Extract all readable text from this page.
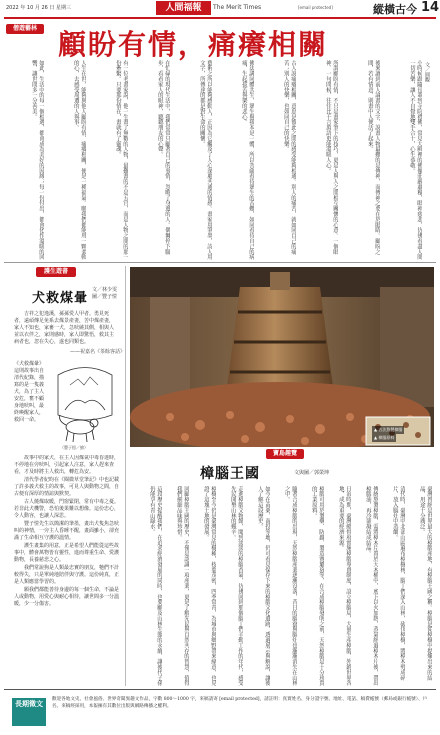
2022 年 10 月 26 日 星期三	人間福報	The Merit Times	[email protected]	縱橫古今 14
僧遊藝林 顧盼有情，痛癢相關
文／圓觀
小時候跟隨長輩到寺院禮佛，常見大殿裡的佛像莊嚴肅穆，眼神慈悲，彷彿看盡人間一切苦樂，讓人不自覺地雙手合十，心生恭敬。
後來讀到前人論畫的文字，說畫人物最難的是傳神，而傳神之要在於眼睛。顧盼之間，若有情意，則畫中人便活了起來。
所謂顧盼有情，不只是畫家筆下的技巧，更是人與人之間相互關懷的心意。一個眼神、一句問候，往往比千言萬語更能溫暖人心。
古人說痛癢相關，意思是彼此之間的感受能夠相通。別人的痛苦，就如同自己的痛苦；別人的快樂，也如同自己的快樂。
佛法講同體共生，眾生與我本是一體，所以菩薩看待眾生的苦難，如同看待自己的病痛，生起拔苦與樂的悲心。
藝術之所以能夠感動人，正因為它觸及了人心深處共通的情感。畫家用筆墨，詩人用文字，所傳達的都是對生命的關懷。
在忙碌的現代生活中，我們常常只顧著自己的事情，忽略了身邊的人。偶爾停下腳步，看看家人的眼神，聽聽朋友的心聲。
有一位老畫家說，他一生畫了無數的人物，最難畫的不是五官，而是人物之間的那一份牽繫。只要那份情在，畫就有了靈魂。
人生在世，能夠與他人顧盼有情、痛癢相關，便是一種福氣。願我們都能用一顆柔軟的心，去感受周遭的人與事。
如此，生活中的每一個相遇，都會成為美好的因緣；每一份付出，都會化作溫暖的回響，讓世間多一分善美。
護生遊書
犬救煤暈
文／林少雯
圖／豐子愷
吉祥之犯逸溪，孫孫愛人甲者。勇見死者，遠頑傳足免系去煤景產妻，苦中煤產妻，家人不知也，家畜一犬，急吠繞其側，相與人並以衣伴之，家則感時，家人即驚悟，救其主病者也，忽在失心，遂也同類也。
——祝嘉名《茶餘客話》
《犬救煤暈》這則故事出自清代紀錄，描寫的是一隻義犬，為了主人安危，奮不顧身地吠叫，最終喚醒家人，救回一命。
（豐子愷／繪）

故事中的家犬，在主人因煤氣中毒昏迷時，不停地在旁吠叫，引起家人注意，家人趕來查看，才及時將主人救出，轉危為安。

清代學者紀昀在《閱微草堂筆記》中也記載了許多義犬救主的故事，可見人與動物之間，自古便有深厚的情誼與默契。

古人燒煤取暖，門窗緊閉，常有中毒之憂。若非此犬機警，恐怕後果難以想像。這份忠心，令人動容，也讓人深思。

豐子愷先生以簡潔的筆墨，畫出犬隻焦急吠叫的神情，一旁主人昏睡不醒，畫面雖小，卻充滿了生命相互守護的溫情。

護生畫集的用意，正是希望人們能從這些故事中，體會萬物皆有靈性，進而尊重生命、愛護動物，長養慈悲之心。

我們常說狗是人類最忠實的朋友，牠們不計較得失，只是單純地陪伴與守護。這份純真，正是人類應當學習的。

願我們都能善待身邊的每一個生命，不論是人或動物，用愛心與耐心相待，讓世間多一分溫暖，少一分傷害。

▲ 古法熬製樟腦
▲ 樟腦原料
寶島趣覽
樟腦王國	文與圖／郭榮坤
臺灣曾經是世界最大的樟腦產地，有樟腦王國之稱。樟腦是從樟樹中提煉出來的結晶，用途十分廣泛。
清代時，臺灣中北部山區遍布樟樹林，腦丁們深入山林，砍伐樟樹，將樟木劈成碎片，放入腦灶中蒸餾。
傳統熬製樟腦，需將樟木片置於大木桶中，底下以火加熱，蒸氣經過樟木片後，帶出樟腦油，再冷卻凝結成結晶。
日治時期，臺灣總督府實施樟腦專賣制度，設立樟腦局，大量生產樟腦，外銷世界各地，成為重要的經濟來源。
樟腦可用於製藥、防蟲、製造賽璐珞等，在合成樟腦發明之前，天然樟腦是十分珍貴的工業原料。
隨著合成樟腦的出現，天然樟腦產業逐漸沒落，昔日的腦寮與腦灶也漸漸消失在山林之中。
如今在苗栗、南投等地，仍可看見保存下來的樟腦文化遺跡，透過展示與解說，讓後人了解這段歷史。
走進樟腦文物館，聞到淡淡的樟腦香氣，彷彿回到那個腦丁們辛勤工作的年代，感受先民開墾山林的艱辛。
樟樹至今仍是臺灣常見的樹種，枝葉茂密，四季常青，為城市與鄉野帶來綠意，也見證了這塊土地的發展。
回顧樟腦王國的歷史，不僅是認識一項產業，更是了解先民與自然共存的智慧，值得我們細細品味與珍惜。
這段歷史提醒我們，在追求經濟發展的同時，也要顧及山林生態的永續，讓後代子孫仍能享有青山綠水。
長期徵文
歡迎各地文史、社會風俗、世界奇聞異趣文作品，字數 800～1000 字，來稿請寄 [email protected]，請註明：真實姓名、身分證字號、地址、電話、稿費帳號（郵局或銀行帳號）、戶名。來稿經採用，本報擁有其數位出版與網路傳播之權利。
